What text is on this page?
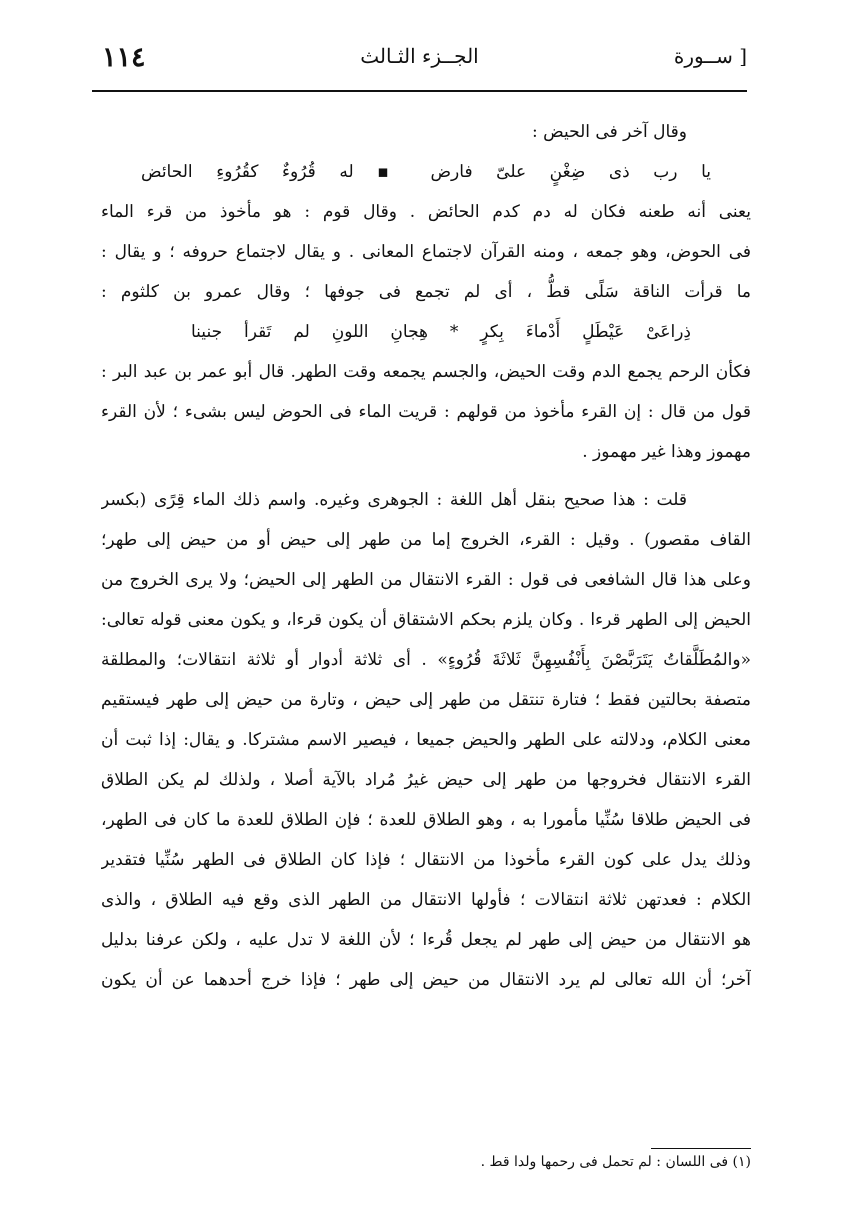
١١٤	الجــزء الثـالث	[ ســورة
وقال آخر فى الحيض :
يا رب ذى ضِغْنٍ علىّ فارض ▪ له قُرُوءٌ كقُرُوءِ الحائض
يعنى أنه طعنه فكان له دم كدم الحائض . وقال قوم : هو مأخوذ من قرء الماء
فى الحوض، وهو جمعه ، ومنه القرآن لاجتماع المعانى . و يقال لاجتماع حروفه ؛ و يقال :
ما قرأت الناقة سَلًى قطُّ ، أى لم تجمع فى جوفها ؛ وقال عمرو بن كلثوم :
ذِراعَىْ عَيْطَلٍ أَدْماءَ بِكرٍ * هِجانِ اللونِ لم تَقرأ جنينا
فكأن الرحم يجمع الدم وقت الحيض، والجسم يجمعه وقت الطهر. قال أبو عمر بن عبد البر :
قول من قال : إن القرء مأخوذ من قولهم : قريت الماء فى الحوض ليس بشىء ؛ لأن القرء
مهموز وهذا غير مهموز .
قلت : هذا صحيح بنقل أهل اللغة : الجوهرى وغيره. واسم ذلك الماء قِرًى (بكسر
القاف مقصور) . وقيل : القرء، الخروج إما من طهر إلى حيض أو من حيض إلى طهر؛
وعلى هذا قال الشافعى فى قول : القرء الانتقال من الطهر إلى الحيض؛ ولا يرى الخروج من
الحيض إلى الطهر قرءا . وكان يلزم بحكم الاشتقاق أن يكون قرءا، و يكون معنى قوله تعالى:
«والمُطَلَّقاتُ يَتَرَبَّصْنَ بِأَنْفُسِهِنَّ ثَلاثَةَ قُرُوءٍ» . أى ثلاثة أدوار أو ثلاثة انتقالات؛ والمطلقة
متصفة بحالتين فقط ؛ فتارة تنتقل من طهر إلى حيض ، وتارة من حيض إلى طهر فيستقيم
معنى الكلام، ودلالته على الطهر والحيض جميعا ، فيصير الاسم مشتركا. و يقال: إذا ثبت أن
القرء الانتقال فخروجها من طهر إلى حيض غيرُ مُراد بالآية أصلا ، ولذلك لم يكن الطلاق
فى الحيض طلاقا سُنِّيا مأمورا به ، وهو الطلاق للعدة ؛ فإن الطلاق للعدة ما كان فى الطهر،
وذلك يدل على كون القرء مأخوذا من الانتقال ؛ فإذا كان الطلاق فى الطهر سُنِّيا فتقدير
الكلام : فعدتهن ثلاثة انتقالات ؛ فأولها الانتقال من الطهر الذى وقع فيه الطلاق ، والذى
هو الانتقال من حيض إلى طهر لم يجعل قُرءا ؛ لأن اللغة لا تدل عليه ، ولكن عرفنا بدليل
آخر؛ أن الله تعالى لم يرد الانتقال من حيض إلى طهر ؛ فإذا خرج أحدهما عن أن يكون
(١) فى اللسان : لم تحمل فى رحمها ولدا قط .
